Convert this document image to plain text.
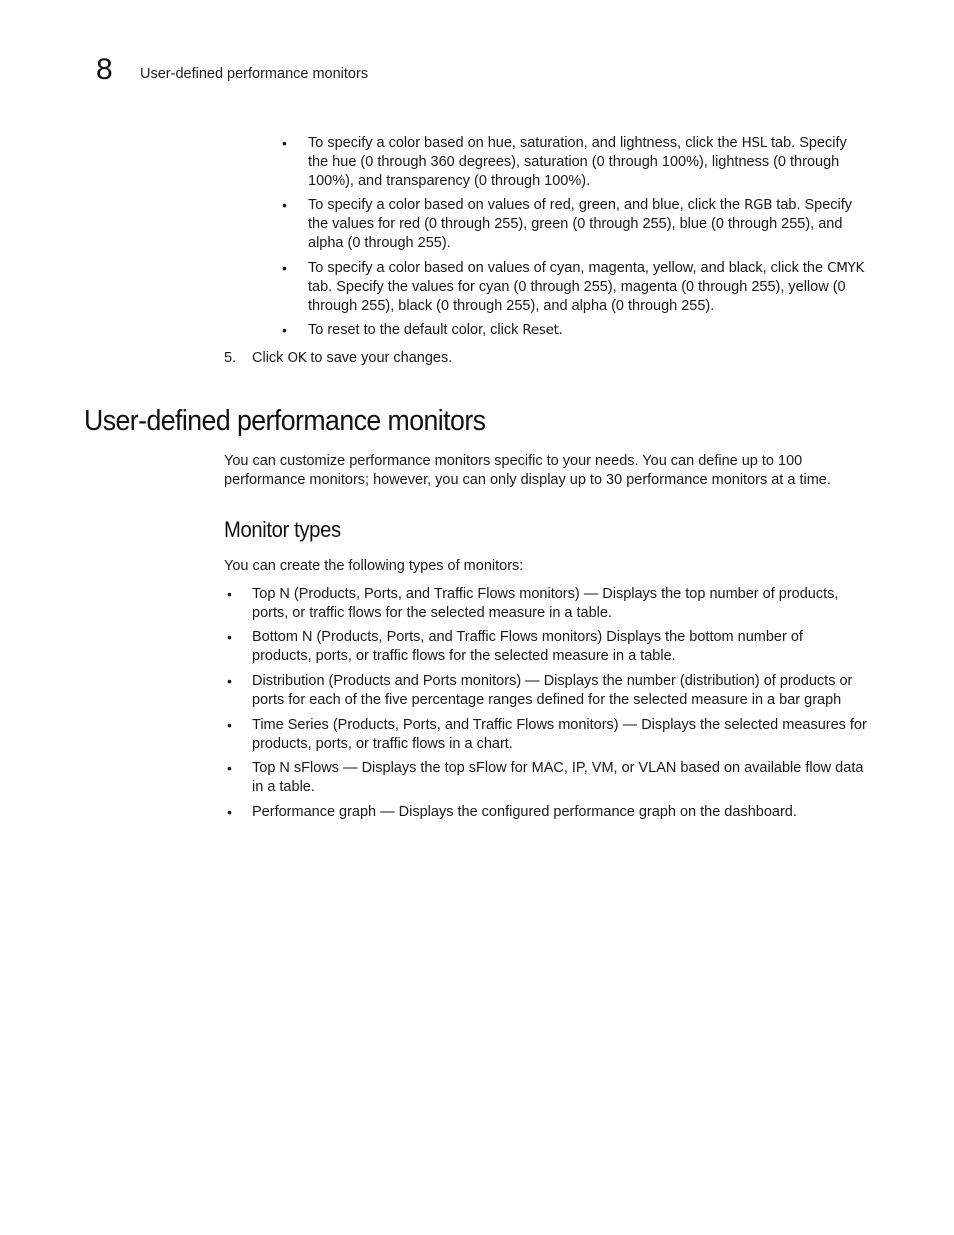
8 User-defined performance monitors
• To specify a color based on hue, saturation, and lightness, click the HSL tab. Specify the hue (0 through 360 degrees), saturation (0 through 100%), lightness (0 through 100%), and transparency (0 through 100%).
• To specify a color based on values of red, green, and blue, click the RGB tab. Specify the values for red (0 through 255), green (0 through 255), blue (0 through 255), and alpha (0 through 255).
• To specify a color based on values of cyan, magenta, yellow, and black, click the CMYK tab. Specify the values for cyan (0 through 255), magenta (0 through 255), yellow (0 through 255), black (0 through 255), and alpha (0 through 255).
• To reset to the default color, click Reset.
5. Click OK to save your changes.
User-defined performance monitors
You can customize performance monitors specific to your needs. You can define up to 100 performance monitors; however, you can only display up to 30 performance monitors at a time.
Monitor types
You can create the following types of monitors:
• Top N (Products, Ports, and Traffic Flows monitors) — Displays the top number of products, ports, or traffic flows for the selected measure in a table.
• Bottom N (Products, Ports, and Traffic Flows monitors) Displays the bottom number of products, ports, or traffic flows for the selected measure in a table.
• Distribution (Products and Ports monitors) — Displays the number (distribution) of products or ports for each of the five percentage ranges defined for the selected measure in a bar graph
• Time Series (Products, Ports, and Traffic Flows monitors) — Displays the selected measures for products, ports, or traffic flows in a chart.
• Top N sFlows — Displays the top sFlow for MAC, IP, VM, or VLAN based on available flow data in a table.
• Performance graph — Displays the configured performance graph on the dashboard.
